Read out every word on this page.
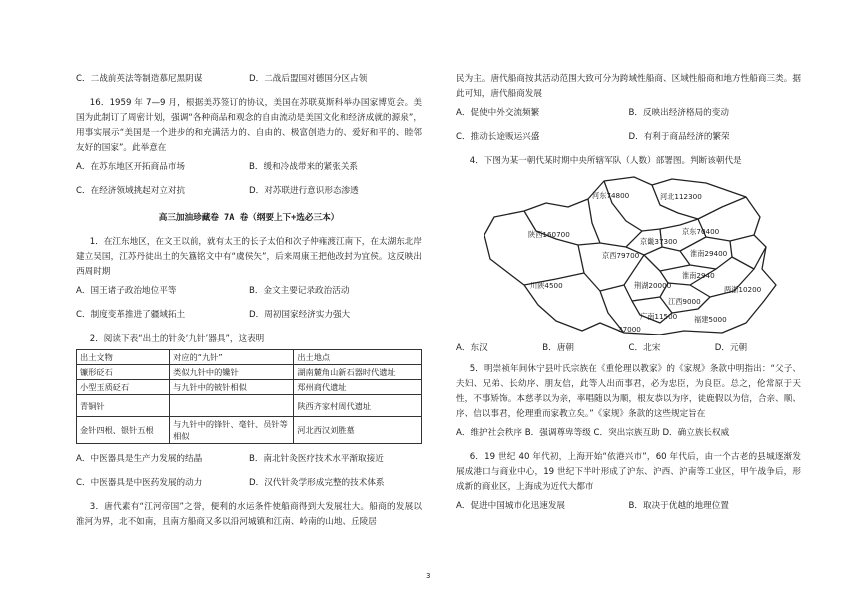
C．二战前英法等制造慕尼黑阴谋	D．二战后盟国对德国分区占领

16．1959 年 7—9 月，根据美苏签订的协议，美国在苏联莫斯科举办国家博览会。美国为此制订了周密计划，强调“各种商品和观念的自由流动是美国文化和经济成就的源泉”，用事实展示“美国是一个进步的和充满活力的、自由的、极富创造力的、爱好和平的、睦邻友好的国家”。此举意在

A．在苏东地区开拓商品市场	B．缓和冷战带来的紧张关系
C．在经济领域挑起对立对抗	D．对苏联进行意识形态渗透
高三加油珍藏卷 7A 卷（纲要上下+选必三本）

1．在江东地区，在文王以前，就有太王的长子太伯和次子仲雍渡江南下，在太湖东北岸建立吴国，江苏丹徒出土的矢簋铭文中有“虞侯矢”，后来周康王把他改封为宜侯。这反映出西周时期

A．国王诸子政治地位平等	B．金文主要记录政治活动
C．制度变革推进了疆域拓土	D．周初国家经济实力强大

2．阅读下表“出土的针灸‘九针’器具”，这表明

出土文物	对应的“九针”	出土地点
镰形砭石	类似九针中的镵针	湖南麓角山新石器时代遗址
小型玉质砭石	与九针中的铍针相似	郑州商代遗址
青铜针		陕西齐家村周代遗址
金针四根、银针五根	与九针中的锋针、毫针、员针等相似	河北西汉刘胜墓
A．中医器具是生产力发展的结晶	B．南北针灸医疗技术水平渐取接近
C．中医器具是中医药发展的动力	D．汉代针灸学形成完整的技术体系

3．唐代素有“江河帝国”之誉，便利的水运条件使船商得到大发展壮大。船商的发展以淮河为界，北不如南，且南方船商又多以沿河城镇和江南、岭南的山地、丘陵居

民为主。唐代船商按其活动范围大致可分为跨域性船商、区域性船商和地方性船商三类。据此可知，唐代船商发展

A．促使中外交流频繁	B．反映出经济格局的变动
C．推动长途贩运兴盛	D．有利于商品经济的繁荣

4．下图为某一朝代某时期中央所辖军队（人数）部署图。判断该朝代是

河东74800	河北112300
京东70400
陕西160700
京畿37300
京西79700	淮南29400
川陕4500
淮南2940
荆湖20000	两浙10200
江西9000
广南11500 福建5000
37000
A．东汉	B．唐朝	C．北宋	D．元朝

5．明崇祯年间休宁县叶氏宗族在《重伦理以教家》的《家规》条款中明指出：“父子、夫妇、兄弟、长幼序、朋友信，此等人出而事君，必为忠臣，为良臣。总之，伦常原于天性，不事矫饰。本慈孝以为亲，率唱随以为顺，根友恭以为序，徒鹿假以为信，合亲、顺、序、信以事君，伦理重而家教立矣。”《家规》条款的这些规定旨在

A．维护社会秩序 B．强调尊卑等级 C．突出宗族互助 D．确立族长权威

6．19 世纪 40 年代初，上海开始“依港兴市”，60 年代后，由一个古老的县城逐渐发展成港口与商业中心，19 世纪下半叶形成了沪东、沪西、沪南等工业区，甲午战争后，形成新的商业区，上海成为近代大都市

A．促进中国城市化迅速发展	B．取决于优越的地理位置
3
